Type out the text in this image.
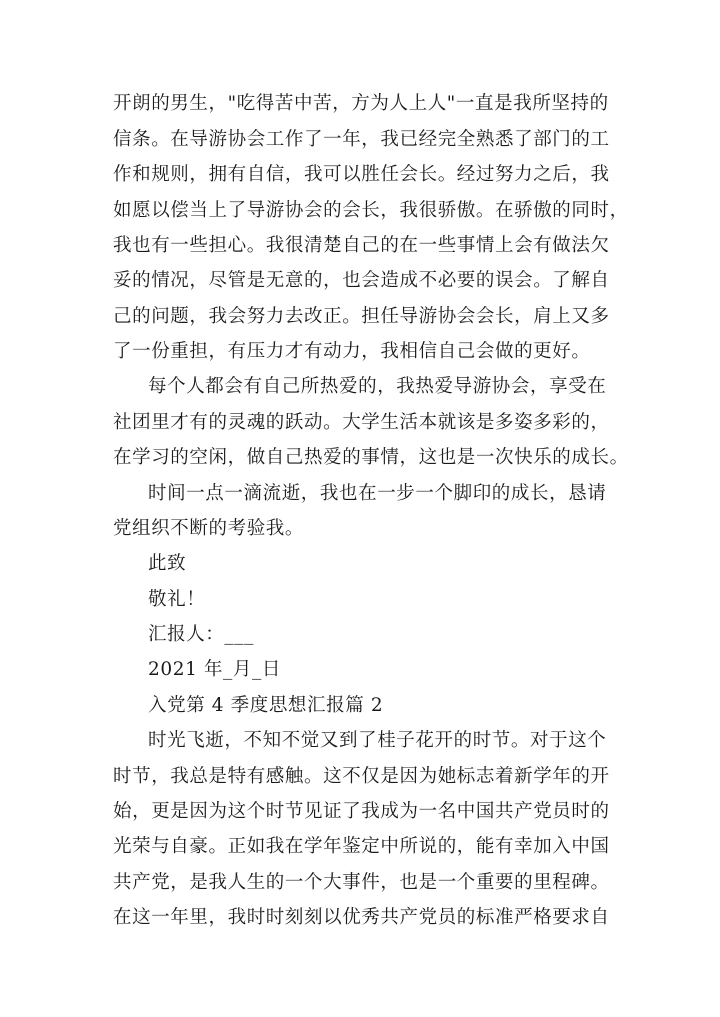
开朗的男生，"吃得苦中苦，方为人上人"一直是我所坚持的
信条。在导游协会工作了一年，我已经完全熟悉了部门的工
作和规则，拥有自信，我可以胜任会长。经过努力之后，我
如愿以偿当上了导游协会的会长，我很骄傲。在骄傲的同时，
我也有一些担心。我很清楚自己的在一些事情上会有做法欠
妥的情况，尽管是无意的，也会造成不必要的误会。了解自
己的问题，我会努力去改正。担任导游协会会长，肩上又多
了一份重担，有压力才有动力，我相信自己会做的更好。
每个人都会有自己所热爱的，我热爱导游协会，享受在
社团里才有的灵魂的跃动。大学生活本就该是多姿多彩的，
在学习的空闲，做自己热爱的事情，这也是一次快乐的成长。
时间一点一滴流逝，我也在一步一个脚印的成长，恳请
党组织不断的考验我。
此致
敬礼！
汇报人：___
2021 年_月_日
入党第 4 季度思想汇报篇 2
时光飞逝，不知不觉又到了桂子花开的时节。对于这个
时节，我总是特有感触。这不仅是因为她标志着新学年的开
始，更是因为这个时节见证了我成为一名中国共产党员时的
光荣与自豪。正如我在学年鉴定中所说的，能有幸加入中国
共产党，是我人生的一个大事件，也是一个重要的里程碑。
在这一年里，我时时刻刻以优秀共产党员的标准严格要求自
